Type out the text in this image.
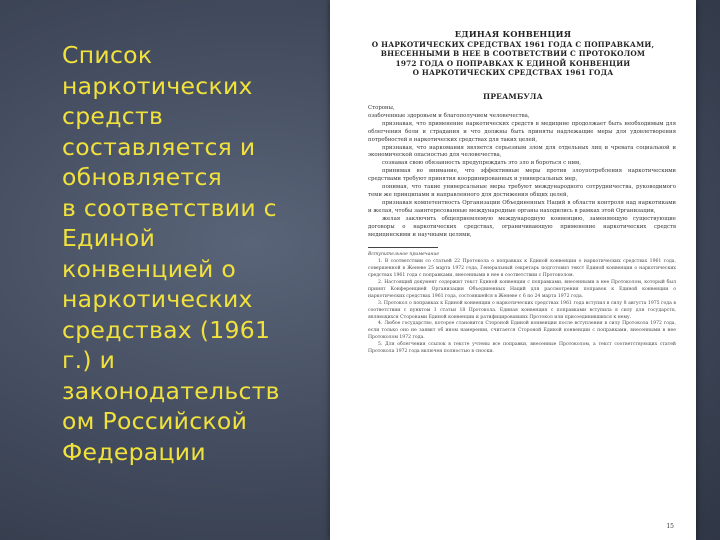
Список
наркотических
средств
составляется и
обновляется
в соответствии с
Единой
конвенцией о
наркотических
средствах (1961
г.) и
законодательств
ом Российской
Федерации
ЕДИНАЯ КОНВЕНЦИЯ
О НАРКОТИЧЕСКИХ СРЕДСТВАХ 1961 ГОДА С ПОПРАВКАМИ,
ВНЕСЕННЫМИ В НЕЕ В СООТВЕТСТВИИ С ПРОТОКОЛОМ
1972 ГОДА О ПОПРАВКАХ К ЕДИНОЙ КОНВЕНЦИИ
О НАРКОТИЧЕСКИХ СРЕДСТВАХ 1961 ГОДА
ПРЕАМБУЛА

Стороны,

озабоченные здоровьем и благополучием человечества,

признавая, что применение наркотических средств в медицине продолжает быть необходимым для облегчения боли и страдания и что должны быть приняты надлежащие меры для удовлетворения потребностей в наркотических средствах для таких целей,

признавая, что наркомания является серьезным злом для отдельных лиц и чревата социальной и экономической опасностью для человечества,

сознавая свою обязанность предупреждать это зло и бороться с ним,

принимая во внимание, что эффективные меры против злоупотребления наркотическими средствами требуют принятия координированных и универсальных мер,

понимая, что такие универсальные меры требуют международного сотрудничества, руководимого теми же принципами и направленного для достижения общих целей,

признавая компетентность Организации Объединенных Наций в области контроля над наркотиками и желая, чтобы заинтересованные международные органы находились в рамках этой Организации,

желая заключить общеприемлемую международную конвенцию, заменяющую существующие договоры о наркотических средствах, ограничивающую применение наркотических средств медицинскими и научными целями,

Вступительное примечание

1. В соответствии со статьей 22 Протокола о поправках к Единой конвенции о наркотических средствах 1961 года, совершенной в Женеве 25 марта 1972 года, Генеральный секретарь подготовил текст Единой конвенции о наркотических средствах 1961 года с поправками, внесенными в нее в соответствии с Протоколом.

2. Настоящий документ содержит текст Единой конвенции с поправками, внесенными в нее Протоколом, который был принят Конференцией Организации Объединенных Наций для рассмотрения поправок к Единой конвенции о наркотических средствах 1961 года, состоявшейся в Женеве с 6 по 24 марта 1972 года.

3. Протокол о поправках к Единой конвенции о наркотических средствах 1961 года вступил в силу 8 августа 1975 года в соответствии с пунктом 1 статьи 18 Протокола. Единая конвенция с поправками вступила в силу для государств, являющихся Сторонами Единой конвенции и ратифицировавших Протокол или присоединившихся к нему.

4. Любое государство, которое становится Стороной Единой конвенции после вступления в силу Протокола 1972 года, если только оно не заявит об ином намерении, считается Стороной Единой конвенции с поправками, внесенными в нее Протоколом 1972 года.

5. Для облегчения ссылок в тексте учтены все поправки, внесенные Протоколом, а текст соответствующих статей Протокола 1972 года включен полностью в сноски.

15
